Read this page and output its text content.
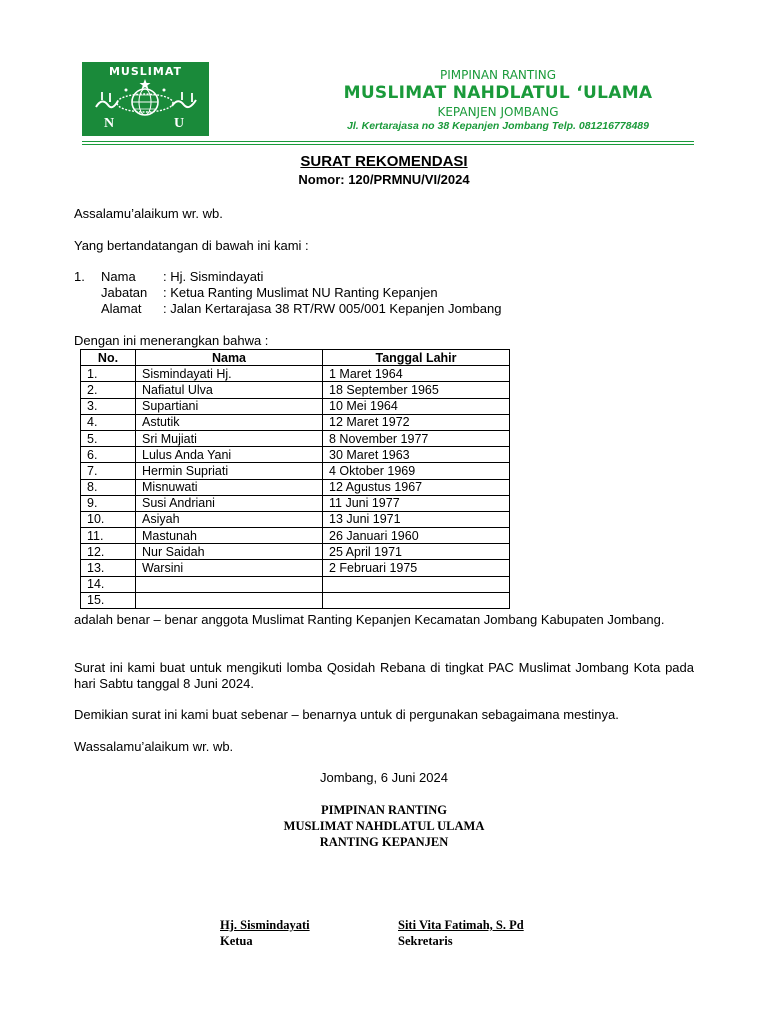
MUSLIMAT
N	U
PIMPINAN RANTING
MUSLIMAT NAHDLATUL ‘ULAMA
KEPANJEN JOMBANG
Jl. Kertarajasa no 38 Kepanjen Jombang Telp. 081216778489
SURAT REKOMENDASI
Nomor: 120/PRMNU/VI/2024
Assalamu’alaikum wr. wb.
Yang bertandatangan di bawah ini kami :
1. Nama : Hj. Sismindayati
Jabatan : Ketua Ranting Muslimat NU Ranting Kepanjen
Alamat : Jalan Kertarajasa 38 RT/RW 005/001 Kepanjen Jombang
Dengan ini menerangkan bahwa :
No.	Nama	Tanggal Lahir
1.	Sismindayati Hj.	1 Maret 1964
2.	Nafiatul Ulva	18 September 1965
3.	Supartiani	10 Mei 1964
4.	Astutik	12 Maret 1972
5.	Sri Mujiati	8 November 1977
6.	Lulus Anda Yani	30 Maret 1963
7.	Hermin Supriati	4 Oktober 1969
8.	Misnuwati	12 Agustus 1967
9.	Susi Andriani	11 Juni 1977
10.	Asiyah	13 Juni 1971
11.	Mastunah	26 Januari 1960
12.	Nur Saidah	25 April 1971
13.	Warsini	2 Februari 1975
14.		
15.		
adalah benar – benar anggota Muslimat Ranting Kepanjen Kecamatan Jombang Kabupaten Jombang.
Surat ini kami buat untuk mengikuti lomba Qosidah Rebana di tingkat PAC Muslimat Jombang Kota pada hari Sabtu tanggal 8 Juni 2024.
Demikian surat ini kami buat sebenar – benarnya untuk di pergunakan sebagaimana mestinya.
Wassalamu’alaikum wr. wb.
Jombang, 6 Juni 2024
PIMPINAN RANTING
MUSLIMAT NAHDLATUL ULAMA
RANTING KEPANJEN
Hj. Sismindayati
Ketua
Siti Vita Fatimah, S. Pd
Sekretaris
